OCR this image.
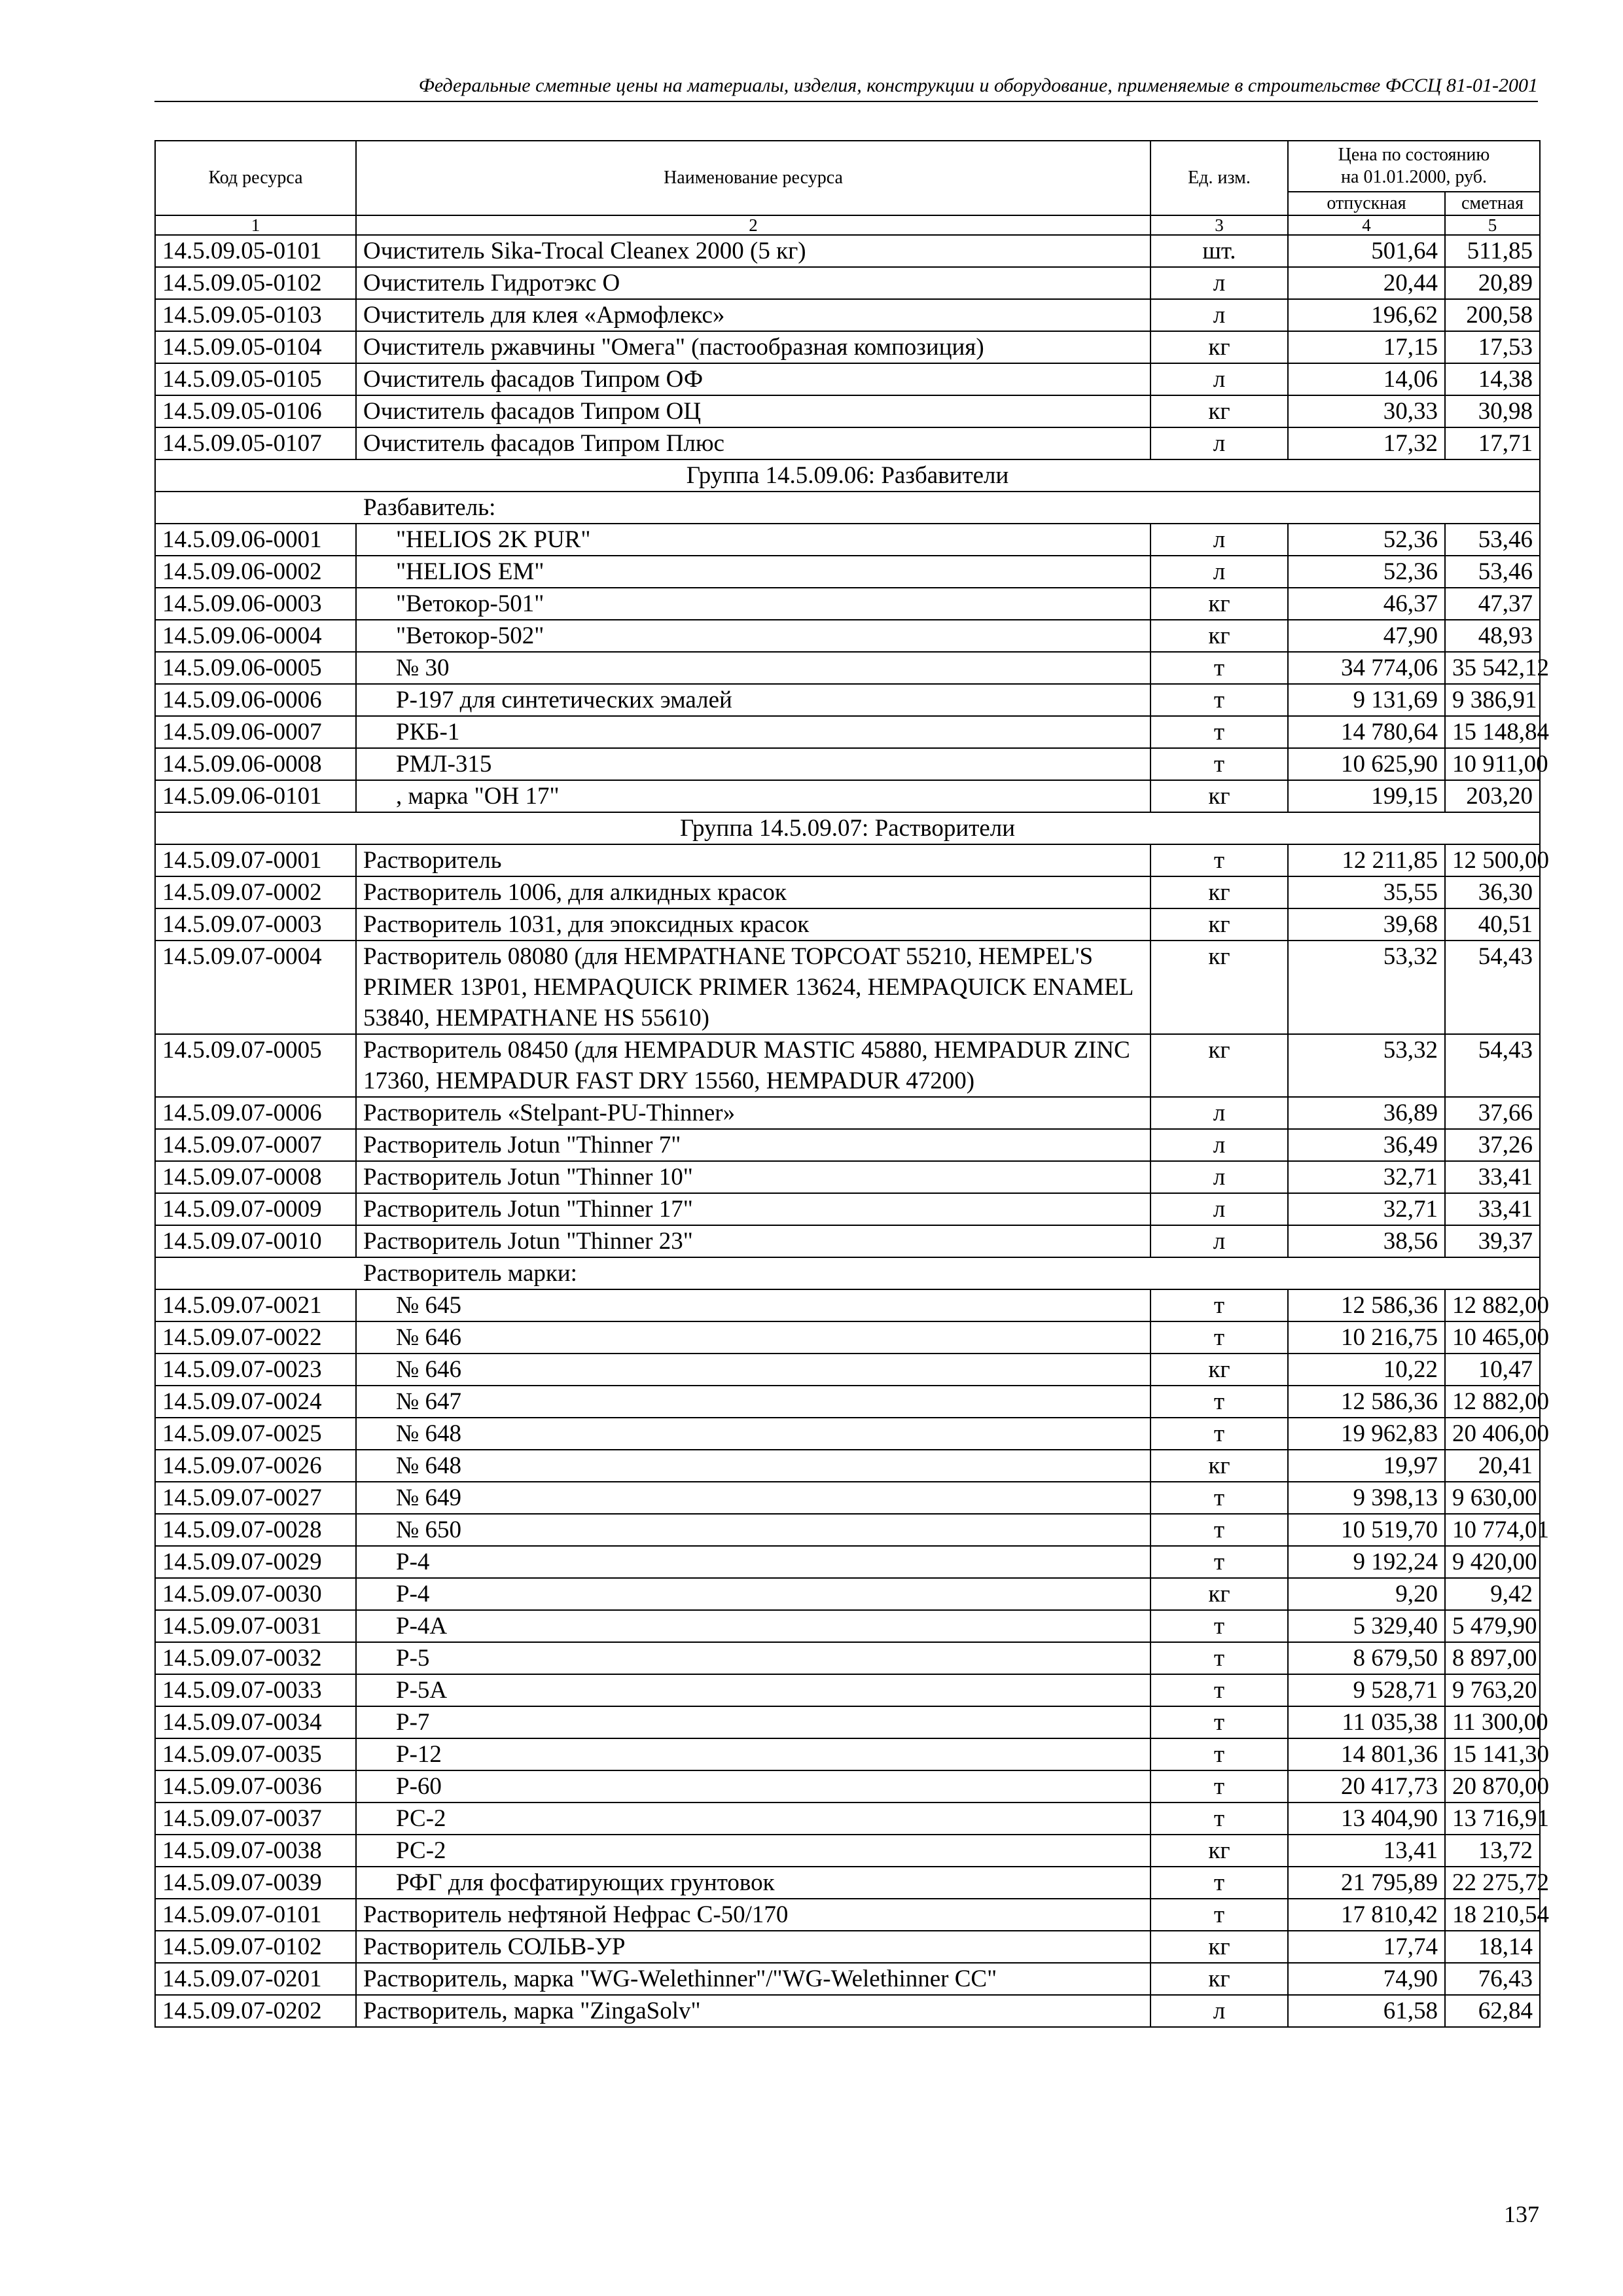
Федеральные сметные цены на материалы, изделия, конструкции и оборудование, применяемые в строительстве ФССЦ 81-01-2001
Код ресурса	Наименование ресурса	Ед. изм.	Цена по состоянию на 01.01.2000, руб.	
			отпускная	сметная
1	2	3	4	5
14.5.09.05-0101	Очиститель Sika-Trocal Cleanex 2000 (5 кг)	шт.	501,64	511,85
14.5.09.05-0102	Очиститель Гидротэкс О	л	20,44	20,89
14.5.09.05-0103	Очиститель для клея «Армофлекс»	л	196,62	200,58
14.5.09.05-0104	Очиститель ржавчины "Омега" (пастообразная композиция)	кг	17,15	17,53
14.5.09.05-0105	Очиститель фасадов Типром ОФ	л	14,06	14,38
14.5.09.05-0106	Очиститель фасадов Типром ОЦ	кг	30,33	30,98
14.5.09.05-0107	Очиститель фасадов Типром Плюс	л	17,32	17,71
Группа 14.5.09.06: Разбавители				
Разбавитель:				
14.5.09.06-0001	"HELIOS 2K PUR"	л	52,36	53,46
14.5.09.06-0002	"HELIOS EM"	л	52,36	53,46
14.5.09.06-0003	"Ветокор-501"	кг	46,37	47,37
14.5.09.06-0004	"Ветокор-502"	кг	47,90	48,93
14.5.09.06-0005	№ 30	т	34 774,06	35 542,12
14.5.09.06-0006	Р-197 для синтетических эмалей	т	9 131,69	9 386,91
14.5.09.06-0007	РКБ-1	т	14 780,64	15 148,84
14.5.09.06-0008	РМЛ-315	т	10 625,90	10 911,00
14.5.09.06-0101	, марка "ОН 17"	кг	199,15	203,20
Группа 14.5.09.07: Растворители				
14.5.09.07-0001	Растворитель	т	12 211,85	12 500,00
14.5.09.07-0002	Растворитель 1006, для алкидных красок	кг	35,55	36,30
14.5.09.07-0003	Растворитель 1031, для эпоксидных красок	кг	39,68	40,51
14.5.09.07-0004	Растворитель 08080 (для HEMPATHANE TOPCOAT 55210, HEMPEL'S PRIMER 13P01, HEMPAQUICK PRIMER 13624, HEMPAQUICK ENAMEL 53840, HEMPATHANE HS 55610)	кг	53,32	54,43
14.5.09.07-0005	Растворитель 08450 (для HEMPADUR MASTIC 45880, HEMPADUR ZINC 17360, HEMPADUR FAST DRY 15560, HEMPADUR 47200)	кг	53,32	54,43
14.5.09.07-0006	Растворитель «Stelpant-PU-Thinner»	л	36,89	37,66
14.5.09.07-0007	Растворитель Jotun "Thinner 7"	л	36,49	37,26
14.5.09.07-0008	Растворитель Jotun "Thinner 10"	л	32,71	33,41
14.5.09.07-0009	Растворитель Jotun "Thinner 17"	л	32,71	33,41
14.5.09.07-0010	Растворитель Jotun "Thinner 23"	л	38,56	39,37
Растворитель марки:				
14.5.09.07-0021	№ 645	т	12 586,36	12 882,00
14.5.09.07-0022	№ 646	т	10 216,75	10 465,00
14.5.09.07-0023	№ 646	кг	10,22	10,47
14.5.09.07-0024	№ 647	т	12 586,36	12 882,00
14.5.09.07-0025	№ 648	т	19 962,83	20 406,00
14.5.09.07-0026	№ 648	кг	19,97	20,41
14.5.09.07-0027	№ 649	т	9 398,13	9 630,00
14.5.09.07-0028	№ 650	т	10 519,70	10 774,01
14.5.09.07-0029	Р-4	т	9 192,24	9 420,00
14.5.09.07-0030	Р-4	кг	9,20	9,42
14.5.09.07-0031	Р-4А	т	5 329,40	5 479,90
14.5.09.07-0032	Р-5	т	8 679,50	8 897,00
14.5.09.07-0033	Р-5А	т	9 528,71	9 763,20
14.5.09.07-0034	Р-7	т	11 035,38	11 300,00
14.5.09.07-0035	Р-12	т	14 801,36	15 141,30
14.5.09.07-0036	Р-60	т	20 417,73	20 870,00
14.5.09.07-0037	РС-2	т	13 404,90	13 716,91
14.5.09.07-0038	РС-2	кг	13,41	13,72
14.5.09.07-0039	РФГ для фосфатирующих грунтовок	т	21 795,89	22 275,72
14.5.09.07-0101	Растворитель нефтяной Нефрас С-50/170	т	17 810,42	18 210,54
14.5.09.07-0102	Растворитель СОЛЬВ-УР	кг	17,74	18,14
14.5.09.07-0201	Растворитель, марка "WG-Welethinner"/"WG-Welethinner CC"	кг	74,90	76,43
14.5.09.07-0202	Растворитель, марка "ZingaSolv"	л	61,58	62,84
137
